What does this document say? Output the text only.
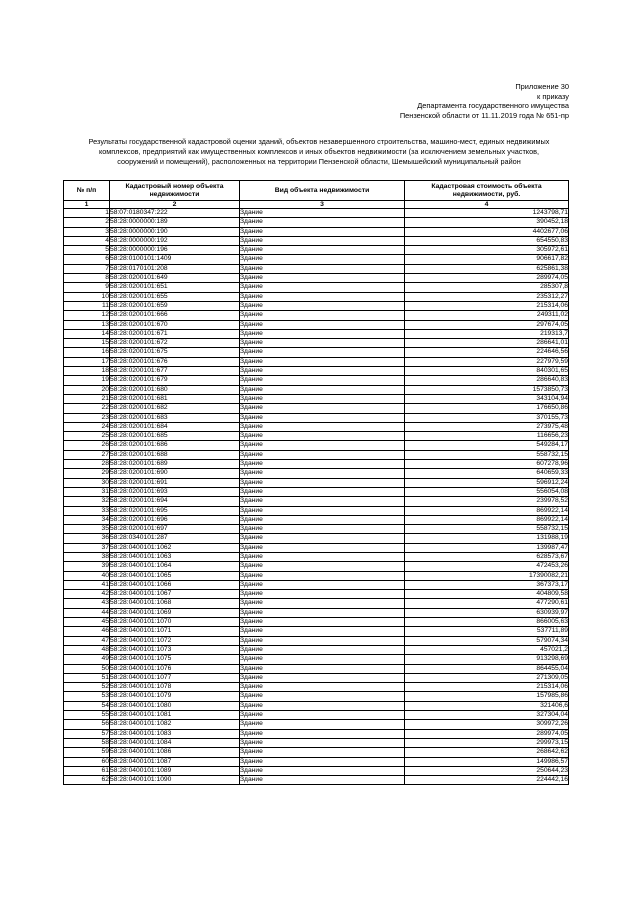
Приложение 30
к приказу
Департамента государственного имущества
Пензенской области от 11.11.2019 года № 651-пр
Результаты государственной кадастровой оценки зданий, объектов незавершенного строительства, машино-мест, единых недвижимых
комплексов, предприятий как имущественных комплексов и иных объектов недвижимости (за исключением земельных участков,
сооружений и помещений), расположенных на территории Пензенской области, Шемышейский муниципальный район
№ п/п	Кадастровый номер объекта недвижимости	Вид объекта недвижимости	Кадастровая стоимость объекта недвижимости, руб.
1	2	3	4
1	58:07:0180347:222	Здание	1243798,71
2	58:28:0000000:189	Здание	390452,18
3	58:28:0000000:190	Здание	4402677,06
4	58:28:0000000:192	Здание	654550,83
5	58:28:0000000:196	Здание	305972,61
6	58:28:0100101:1409	Здание	906617,82
7	58:28:0170101:208	Здание	625861,38
8	58:28:0200101:649	Здание	289974,05
9	58:28:0200101:651	Здание	285307,8
10	58:28:0200101:655	Здание	235312,27
11	58:28:0200101:659	Здание	215314,06
12	58:28:0200101:666	Здание	249311,02
13	58:28:0200101:670	Здание	297674,05
14	58:28:0200101:671	Здание	219313,7
15	58:28:0200101:672	Здание	286641,01
16	58:28:0200101:675	Здание	224646,56
17	58:28:0200101:676	Здание	227979,59
18	58:28:0200101:677	Здание	840301,65
19	58:28:0200101:679	Здание	286640,83
20	58:28:0200101:680	Здание	1573850,73
21	58:28:0200101:681	Здание	343104,94
22	58:28:0200101:682	Здание	176650,86
23	58:28:0200101:683	Здание	370155,73
24	58:28:0200101:684	Здание	273975,48
25	58:28:0200101:685	Здание	116656,23
26	58:28:0200101:686	Здание	549284,17
27	58:28:0200101:688	Здание	558732,15
28	58:28:0200101:689	Здание	607278,96
29	58:28:0200101:690	Здание	640659,33
30	58:28:0200101:691	Здание	596912,24
31	58:28:0200101:693	Здание	556054,08
32	58:28:0200101:694	Здание	239978,52
33	58:28:0200101:695	Здание	869922,14
34	58:28:0200101:696	Здание	869922,14
35	58:28:0200101:697	Здание	558732,15
36	58:28:0340101:287	Здание	131988,19
37	58:28:0400101:1062	Здание	139987,47
38	58:28:0400101:1063	Здание	628573,67
39	58:28:0400101:1064	Здание	472453,26
40	58:28:0400101:1065	Здание	17390082,21
41	58:28:0400101:1066	Здание	367373,17
42	58:28:0400101:1067	Здание	404809,58
43	58:28:0400101:1068	Здание	477290,61
44	58:28:0400101:1069	Здание	630939,97
45	58:28:0400101:1070	Здание	866005,63
46	58:28:0400101:1071	Здание	537711,89
47	58:28:0400101:1072	Здание	579074,34
48	58:28:0400101:1073	Здание	457021,2
49	58:28:0400101:1075	Здание	913298,69
50	58:28:0400101:1076	Здание	864455,04
51	58:28:0400101:1077	Здание	271309,05
52	58:28:0400101:1078	Здание	215314,06
53	58:28:0400101:1079	Здание	157985,86
54	58:28:0400101:1080	Здание	321406,6
55	58:28:0400101:1081	Здание	327304,04
56	58:28:0400101:1082	Здание	309972,26
57	58:28:0400101:1083	Здание	289974,05
58	58:28:0400101:1084	Здание	299973,15
59	58:28:0400101:1086	Здание	268642,62
60	58:28:0400101:1087	Здание	149986,57
61	58:28:0400101:1089	Здание	250644,23
62	58:28:0400101:1090	Здание	224442,16
